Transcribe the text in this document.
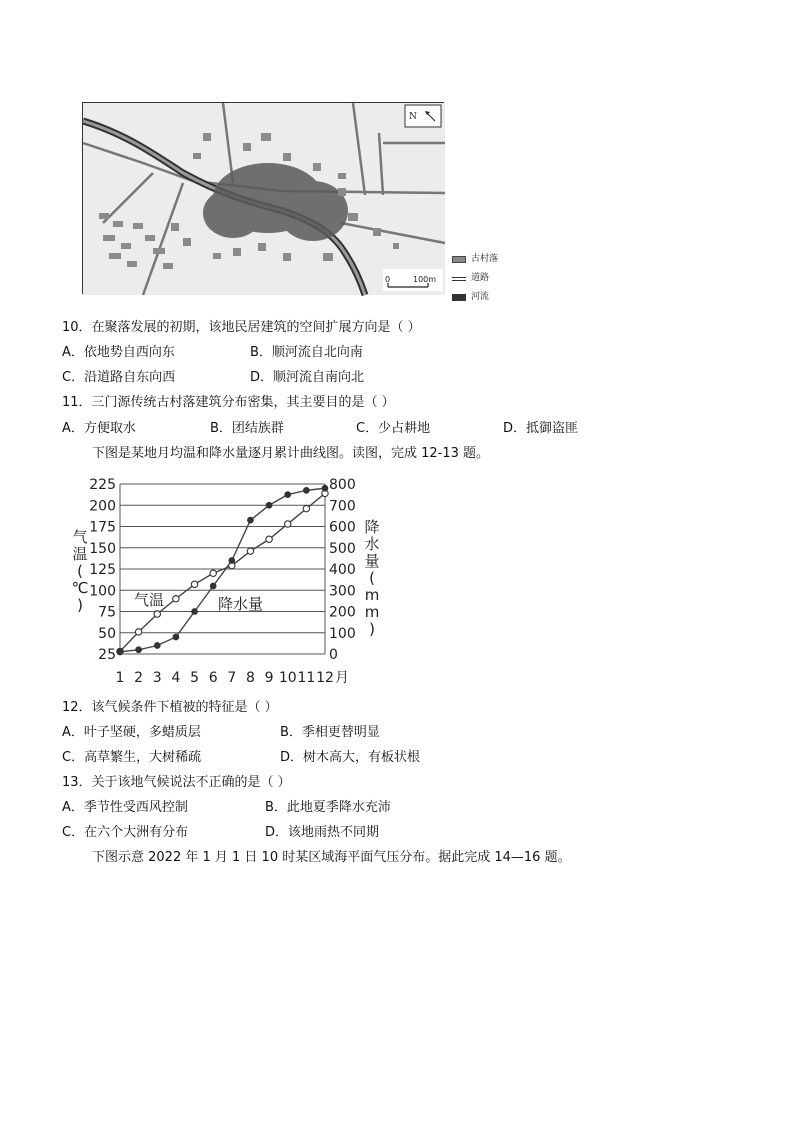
N
0	100m
古村落
道路
河流
10．在聚落发展的初期，该地民居建筑的空间扩展方向是（ ）
A．依地势自西向东	B．顺河流自北向南
C．沿道路自东向西	D．顺河流自南向北
11．三门源传统古村落建筑分布密集，其主要目的是（ ）
A．方便取水	B．团结族群	C．少占耕地	D．抵御盗匪
下图是某地月均温和降水量逐月累计曲线图。读图，完成 12-13 题。
25
50
75
100
125
150
175
200
225
0
100
200
300
400
500
600
700
800
1 2 3 4 5 6 7 8 9 10 11 12
气温	降水量
气
温
(
℃
)
降
水
量
(
m
m
)
月
12．该气候条件下植被的特征是（ ）
A．叶子坚硬，多蜡质层	B．季相更替明显
C．高草繁生，大树稀疏	D．树木高大，有板状根
13．关于该地气候说法不正确的是（ ）
A．季节性受西风控制	B．此地夏季降水充沛
C．在六个大洲有分布	D．该地雨热不同期
下图示意 2022 年 1 月 1 日 10 时某区域海平面气压分布。据此完成 14—16 题。
